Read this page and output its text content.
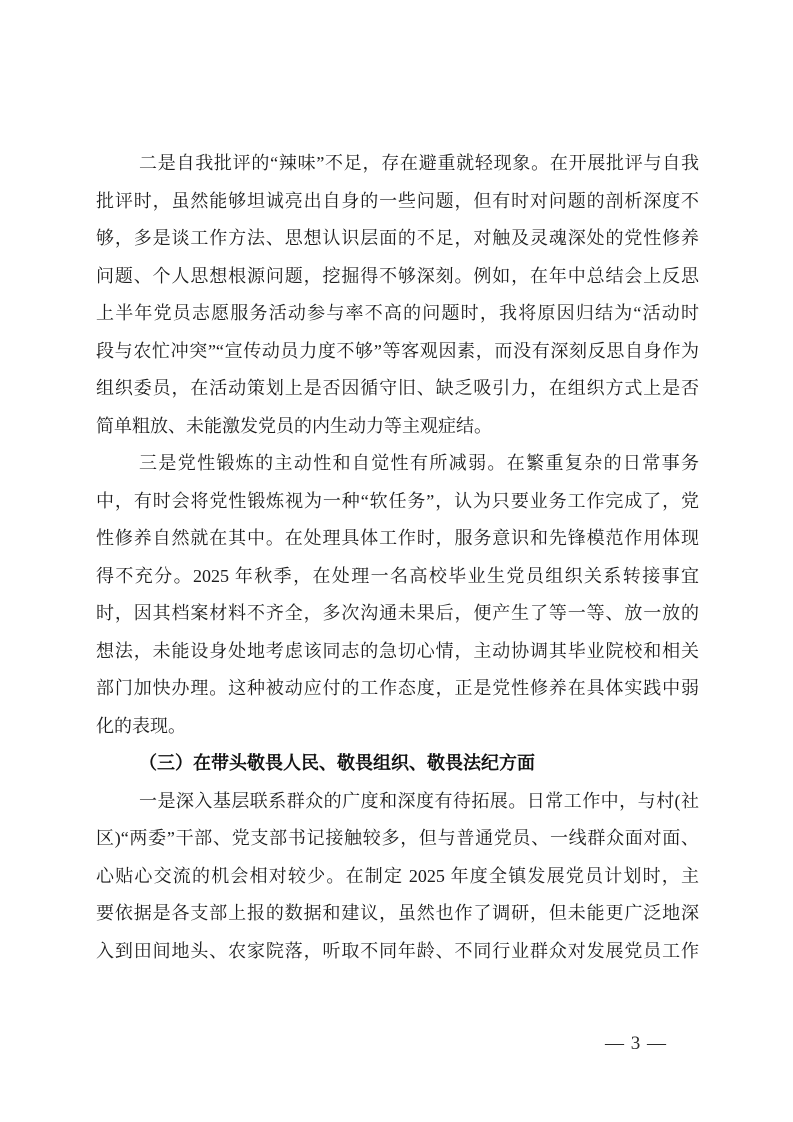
二是自我批评的“辣味”不足，存在避重就轻现象。在开展批评与自我
批评时，虽然能够坦诚亮出自身的一些问题，但有时对问题的剖析深度不
够，多是谈工作方法、思想认识层面的不足，对触及灵魂深处的党性修养
问题、个人思想根源问题，挖掘得不够深刻。例如，在年中总结会上反思
上半年党员志愿服务活动参与率不高的问题时，我将原因归结为“活动时
段与农忙冲突”“宣传动员力度不够”等客观因素，而没有深刻反思自身作为
组织委员，在活动策划上是否因循守旧、缺乏吸引力，在组织方式上是否
简单粗放、未能激发党员的内生动力等主观症结。
三是党性锻炼的主动性和自觉性有所减弱。在繁重复杂的日常事务
中，有时会将党性锻炼视为一种“软任务”，认为只要业务工作完成了，党
性修养自然就在其中。在处理具体工作时，服务意识和先锋模范作用体现
得不充分。2025 年秋季，在处理一名高校毕业生党员组织关系转接事宜
时，因其档案材料不齐全，多次沟通未果后，便产生了等一等、放一放的
想法，未能设身处地考虑该同志的急切心情，主动协调其毕业院校和相关
部门加快办理。这种被动应付的工作态度，正是党性修养在具体实践中弱
化的表现。
（三）在带头敬畏人民、敬畏组织、敬畏法纪方面
一是深入基层联系群众的广度和深度有待拓展。日常工作中，与村(社
区)“两委”干部、党支部书记接触较多，但与普通党员、一线群众面对面、
心贴心交流的机会相对较少。在制定 2025 年度全镇发展党员计划时，主
要依据是各支部上报的数据和建议，虽然也作了调研，但未能更广泛地深
入到田间地头、农家院落，听取不同年龄、不同行业群众对发展党员工作
— 3 —
